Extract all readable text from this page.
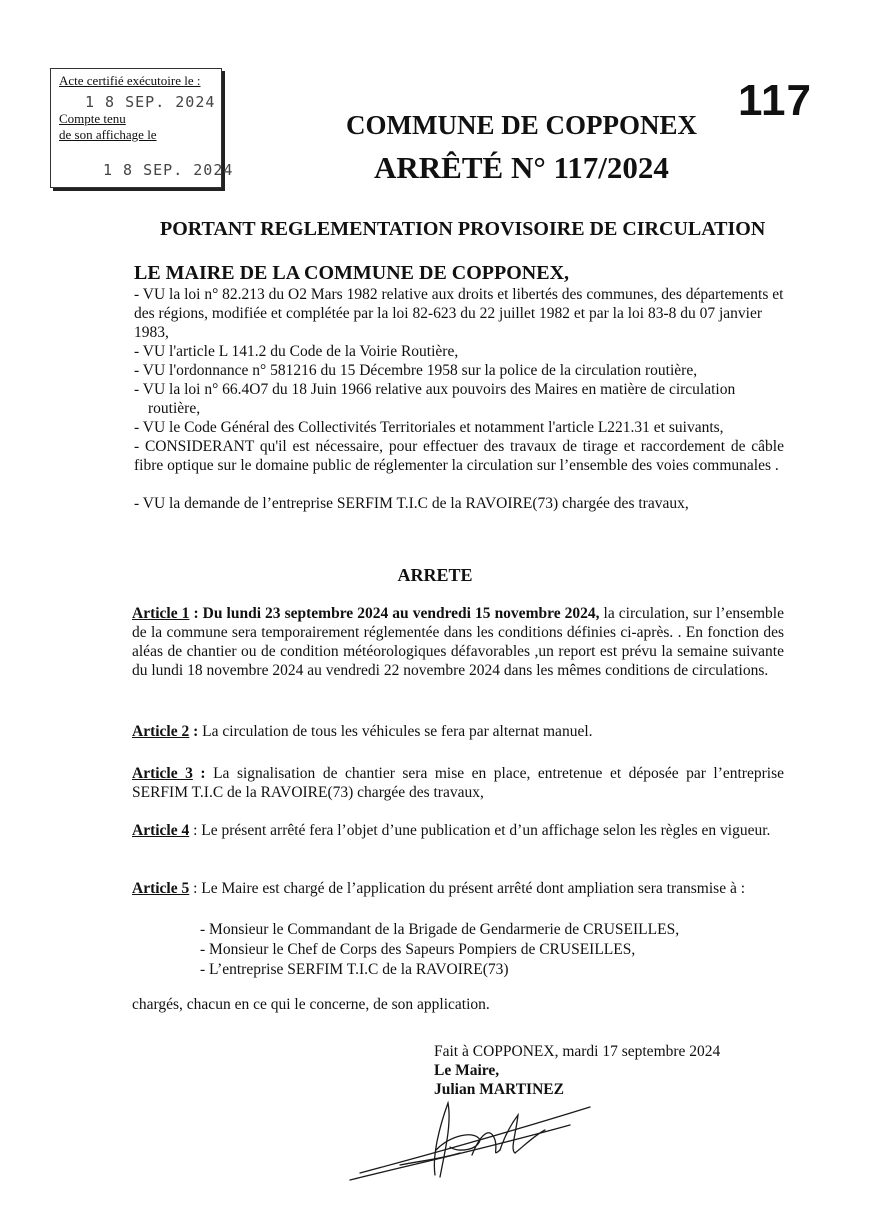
Acte certifié exécutoire le :
1 8 SEP. 2024
Compte tenu
de son affichage le
1 8 SEP. 2024
117
COMMUNE DE COPPONEX
ARRÊTÉ N° 117/2024
PORTANT REGLEMENTATION PROVISOIRE DE CIRCULATION
LE MAIRE DE LA COMMUNE DE COPPONEX,

- VU la loi n° 82.213 du O2 Mars 1982 relative aux droits et libertés des communes, des départements et des régions, modifiée et complétée par la loi 82-623 du 22 juillet 1982 et par la loi 83-8 du 07 janvier 1983,

- VU l'article L 141.2 du Code de la Voirie Routière,

- VU l'ordonnance n° 581216 du 15 Décembre 1958 sur la police de la circulation routière,

- VU la loi n° 66.4O7 du 18 Juin 1966 relative aux pouvoirs des Maires en matière de circulation

routière,

- VU le Code Général des Collectivités Territoriales et notamment l'article L221.31 et suivants,

- CONSIDERANT qu'il est nécessaire, pour effectuer des travaux de tirage et raccordement de câble fibre optique sur le domaine public de réglementer la circulation sur l’ensemble des voies communales .

- VU la demande de l’entreprise SERFIM T.I.C de la RAVOIRE(73) chargée des travaux,

ARRETE

Article 1 : Du lundi 23 septembre 2024 au vendredi 15 novembre 2024, la circulation, sur l’ensemble de la commune sera temporairement réglementée dans les conditions définies ci-après. . En fonction des aléas de chantier ou de condition météorologiques défavorables ,un report est prévu la semaine suivante du lundi 18 novembre 2024 au vendredi 22 novembre 2024 dans les mêmes conditions de circulations.

Article 2 : La circulation de tous les véhicules se fera par alternat manuel.

Article 3 : La signalisation de chantier sera mise en place, entretenue et déposée par l’entreprise SERFIM T.I.C de la RAVOIRE(73) chargée des travaux,

Article 4 : Le présent arrêté fera l’objet d’une publication et d’un affichage selon les règles en vigueur.

Article 5 : Le Maire est chargé de l’application du présent arrêté dont ampliation sera transmise à :

- Monsieur le Commandant de la Brigade de Gendarmerie de CRUSEILLES,

- Monsieur le Chef de Corps des Sapeurs Pompiers de CRUSEILLES,

- L’entreprise SERFIM T.I.C de la RAVOIRE(73)

chargés, chacun en ce qui le concerne, de son application.

Fait à COPPONEX, mardi 17 septembre 2024

Le Maire,

Julian MARTINEZ
